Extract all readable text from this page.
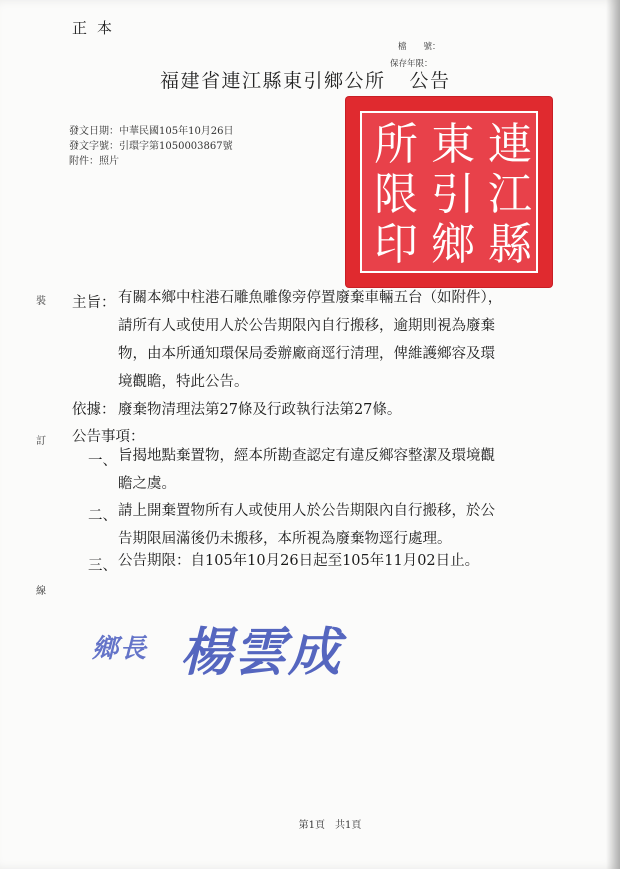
正本
檔　　號：
保存年限：
福建省連江縣東引鄉公所 公告
發文日期：中華民國105年10月26日
發文字號：引環字第1050003867號
附件：照片	連
東
所
江
引
限
縣
鄉
印
裝
訂
線
主旨： 有關本鄉中柱港石雕魚雕像旁停置廢棄車輛五台（如附件），
請所有人或使用人於公告期限內自行搬移，逾期則視為廢棄
物，由本所通知環保局委辦廠商逕行清理，俾維護鄉容及環
境觀瞻，特此公告。
依據： 廢棄物清理法第27條及行政執行法第27條。
公告事項：
一、 旨揭地點棄置物，經本所勘查認定有違反鄉容整潔及環境觀
瞻之虞。
二、 請上開棄置物所有人或使用人於公告期限內自行搬移，於公
告期限屆滿後仍未搬移，本所視為廢棄物逕行處理。
三、 公告期限：自105年10月26日起至105年11月02日止。
鄉長 楊雲成
第1頁　共1頁
